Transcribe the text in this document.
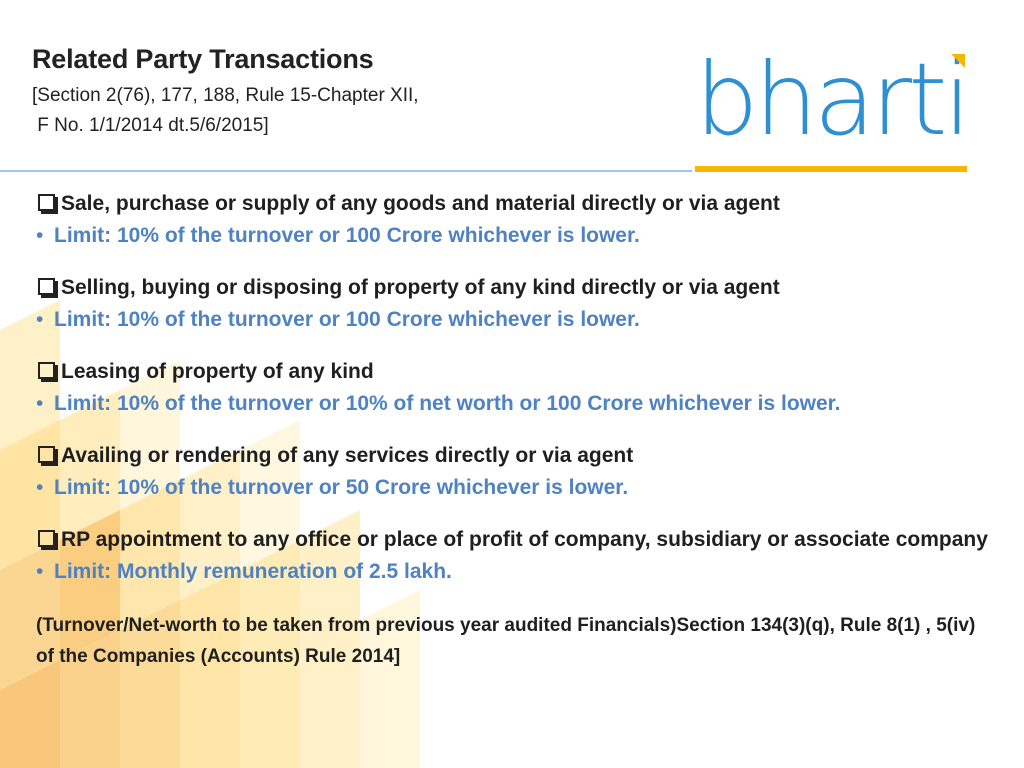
Related Party Transactions
[Section 2(76), 177, 188, Rule 15-Chapter XII,
F No. 1/1/2014 dt.5/6/2015]	bharti
Sale, purchase or supply of any goods and material directly or via agent
• Limit: 10% of the turnover or 100 Crore whichever is lower.
Selling, buying or disposing of property of any kind directly or via agent
• Limit: 10% of the turnover or 100 Crore whichever is lower.
Leasing of property of any kind
• Limit: 10% of the turnover or 10% of net worth or 100 Crore whichever is lower.
Availing or rendering of any services directly or via agent
• Limit: 10% of the turnover or 50 Crore whichever is lower.
RP appointment to any office or place of profit of company, subsidiary or associate company
• Limit: Monthly remuneration of 2.5 lakh.
(Turnover/Net-worth to be taken from previous year audited Financials)Section 134(3)(q), Rule 8(1) , 5(iv) of the Companies (Accounts) Rule 2014]
